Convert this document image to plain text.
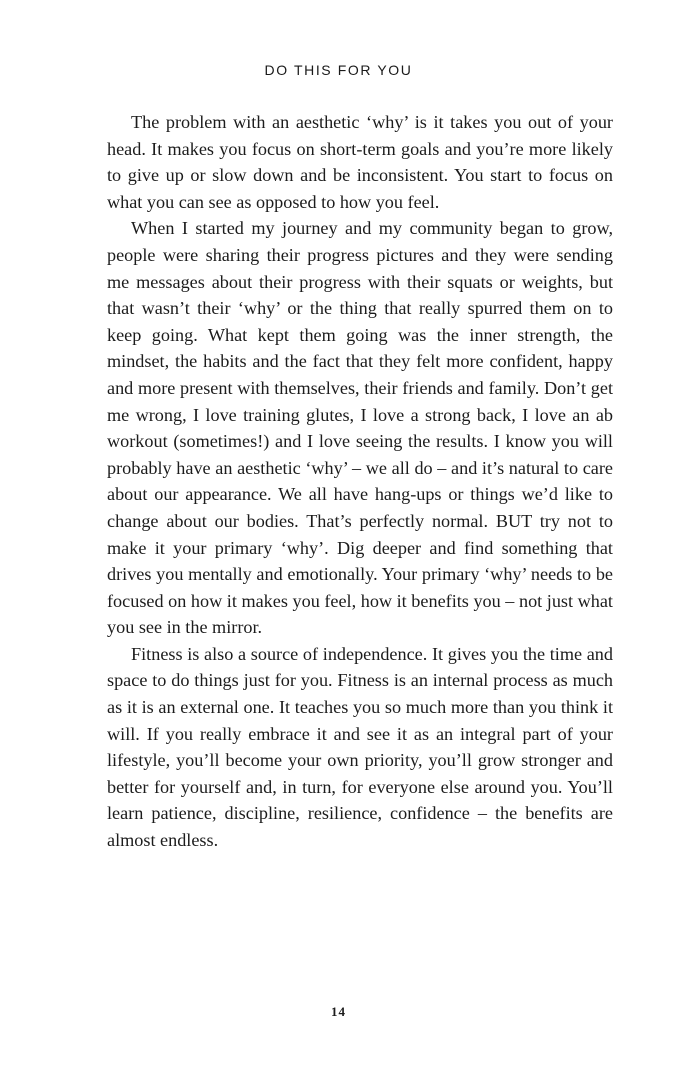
DO THIS FOR YOU

The problem with an aesthetic ‘why’ is it takes you out of your head. It makes you focus on short-term goals and you’re more likely to give up or slow down and be inconsistent. You start to focus on what you can see as opposed to how you feel.

When I started my journey and my community began to grow, people were sharing their progress pictures and they were sending me messages about their progress with their squats or weights, but that wasn’t their ‘why’ or the thing that really spurred them on to keep going. What kept them going was the inner strength, the mindset, the habits and the fact that they felt more confident, happy and more present with themselves, their friends and family. Don’t get me wrong, I love training glutes, I love a strong back, I love an ab workout (sometimes!) and I love seeing the results. I know you will probably have an aesthetic ‘why’ – we all do – and it’s natural to care about our appearance. We all have hang-ups or things we’d like to change about our bodies. That’s perfectly normal. BUT try not to make it your primary ‘why’. Dig deeper and find something that drives you mentally and emotionally. Your primary ‘why’ needs to be focused on how it makes you feel, how it benefits you – not just what you see in the mirror.

Fitness is also a source of independence. It gives you the time and space to do things just for you. Fitness is an internal process as much as it is an external one. It teaches you so much more than you think it will. If you really embrace it and see it as an integral part of your lifestyle, you’ll become your own priority, you’ll grow stronger and better for yourself and, in turn, for everyone else around you. You’ll learn patience, discipline, resilience, confidence – the benefits are almost endless.

14
